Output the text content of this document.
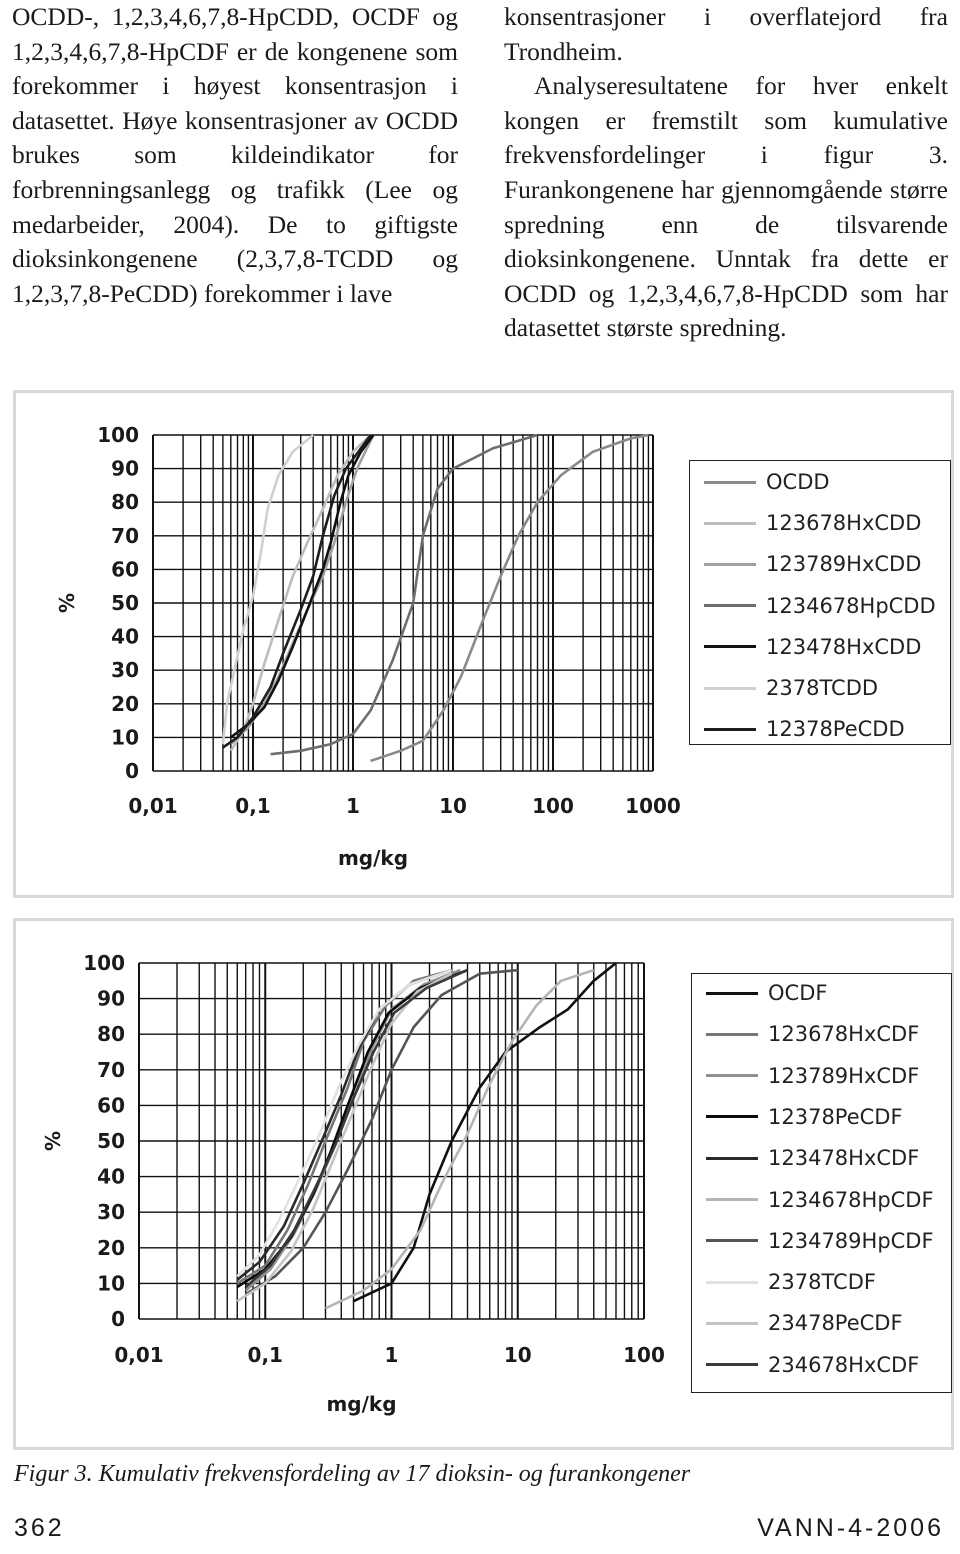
OCDD-, 1,2,3,4,6,7,8-HpCDD, OCDF og 1,2,3,4,6,7,8-HpCDF er de kongenene som forekommer i høyest konsentrasjon i datasettet. Høye konsentrasjoner av OCDD brukes som kildeindikator for forbrenningsanlegg og trafikk (Lee og medarbeider, 2004). De to giftigste dioksinkongenene (2,3,7,8-TCDD og 1,2,3,7,8-PeCDD) forekommer i lave

konsentrasjoner i overflatejord fra Trondheim.

Analyseresultatene for hver enkelt kongen er fremstilt som kumulative frekvensfordelinger i figur 3. Furankongenene har gjennomgående større spredning enn de tilsvarende dioksinkongenene. Unntak fra dette er OCDD og 1,2,3,4,6,7,8-HpCDD som har datasettet største spredning.

0
10
20
30
40
50
60
70
80
90
100
0,01	0,1	1	10	100	1000
mg/kg
%
OCDD
123678HxCDD
123789HxCDD
1234678HpCDD
123478HxCDD
2378TCDD
12378PeCDD
0
10
20
30
40
50
60
70
80
90
100
0,01	0,1	1	10	100
mg/kg
%
OCDF
123678HxCDF
123789HxCDF
12378PeCDF
123478HxCDF
1234678HpCDF
1234789HpCDF
2378TCDF
23478PeCDF
234678HxCDF
Figur 3. Kumulativ frekvensfordeling av 17 dioksin- og furankongener
362	VANN-4-2006
